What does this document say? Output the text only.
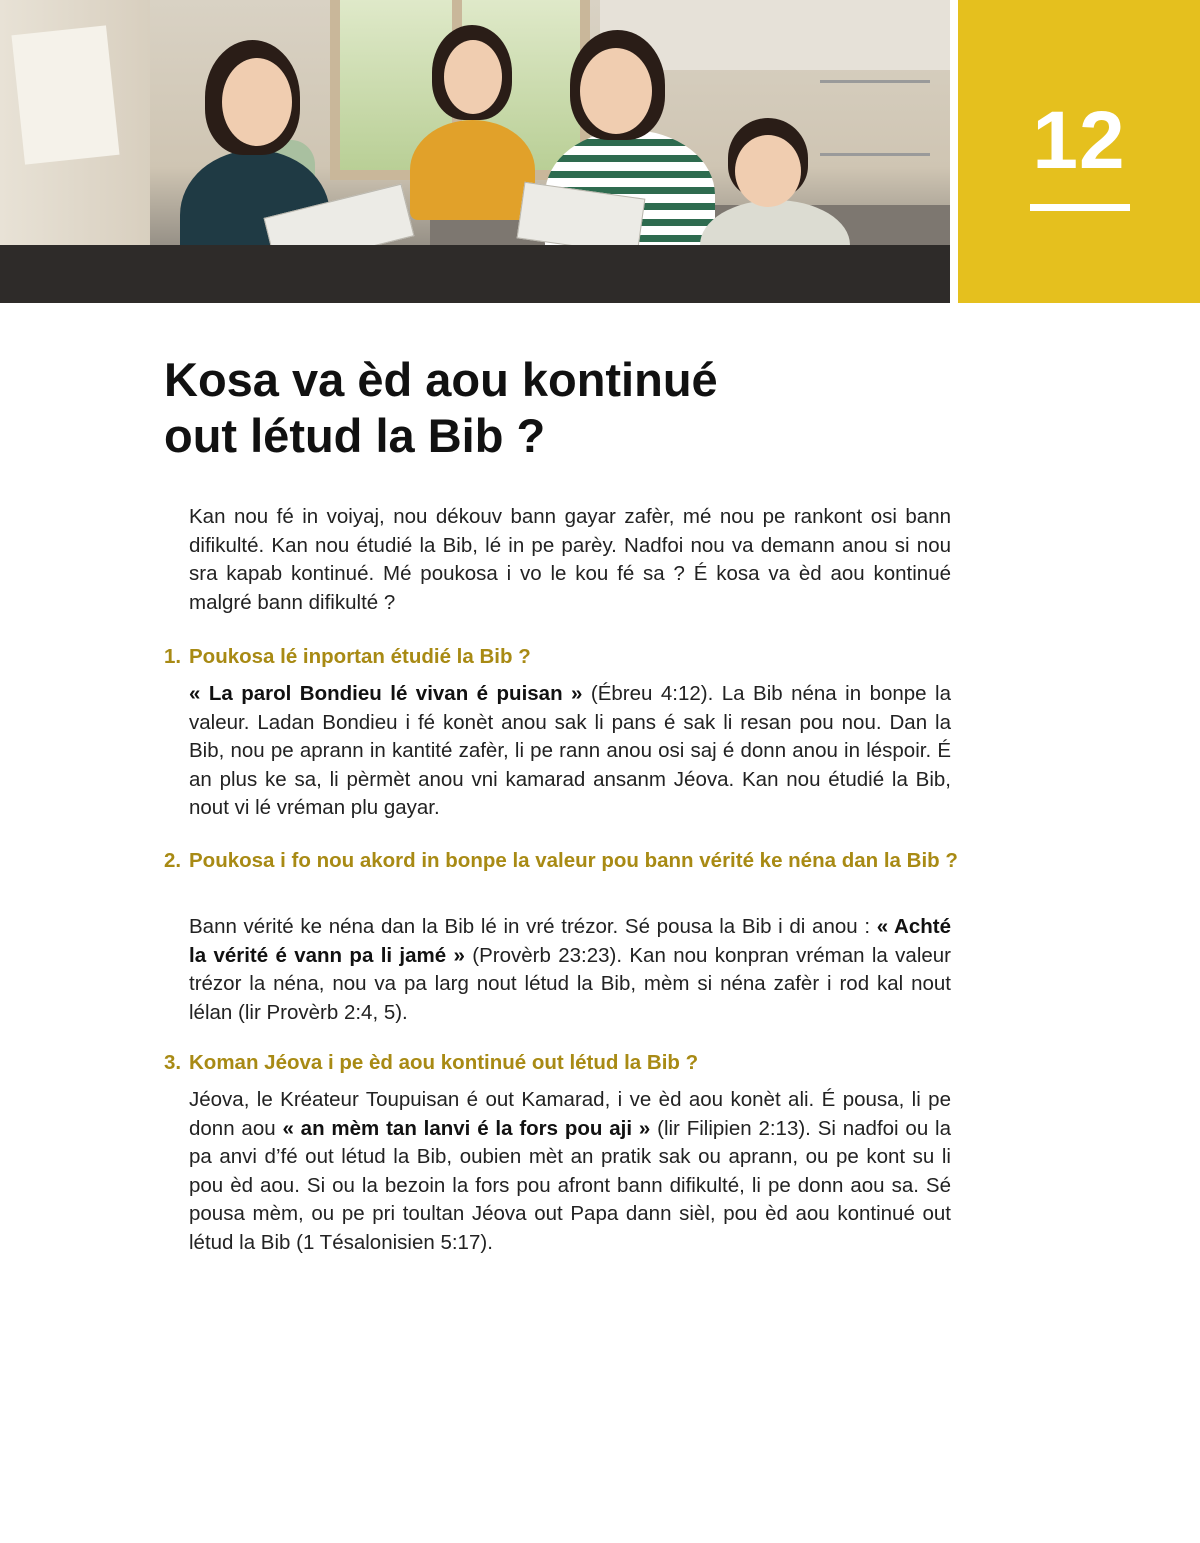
12
Kosa va èd aou kontinué
out létud la Bib ?

Kan nou fé in voiyaj, nou dékouv bann gayar zafèr, mé nou pe rankont osi bann difikulté. Kan nou étudié la Bib, lé in pe parèy. Nadfoi nou va demann anou si nou sra kapab kontinué. Mé poukosa i vo le kou fé sa ? É kosa va èd aou kontinué malgré bann difikulté ?

1. Poukosa lé inportan étudié la Bib ?

« La parol Bondieu lé vivan é puisan » (Ébreu 4:12). La Bib néna in bonpe la valeur. Ladan Bondieu i fé konèt anou sak li pans é sak li resan pou nou. Dan la Bib, nou pe aprann in kantité zafèr, li pe rann anou osi saj é donn anou in léspoir. É an plus ke sa, li pèrmèt anou vni kamarad ansanm Jéova. Kan nou étudié la Bib, nout vi lé vréman plu gayar.

2. Poukosa i fo nou akord in bonpe la valeur pou bann vérité ke néna dan la Bib ?

Bann vérité ke néna dan la Bib lé in vré trézor. Sé pousa la Bib i di anou : « Achté la vérité é vann pa li jamé » (Provèrb 23:23). Kan nou konpran vréman la valeur trézor la néna, nou va pa larg nout létud la Bib, mèm si néna zafèr i rod kal nout lélan (lir Provèrb 2:4, 5).

3. Koman Jéova i pe èd aou kontinué out létud la Bib ?

Jéova, le Kréateur Toupuisan é out Kamarad, i ve èd aou konèt ali. É pousa, li pe donn aou « an mèm tan lanvi é la fors pou aji » (lir Filipien 2:13). Si nadfoi ou la pa anvi d’fé out létud la Bib, oubien mèt an pratik sak ou aprann, ou pe kont su li pou èd aou. Si ou la bezoin la fors pou afront bann difikulté, li pe donn aou sa. Sé pousa mèm, ou pe pri toultan Jéova out Papa dann sièl, pou èd aou kontinué out létud la Bib (1 Tésalonisien 5:17).
